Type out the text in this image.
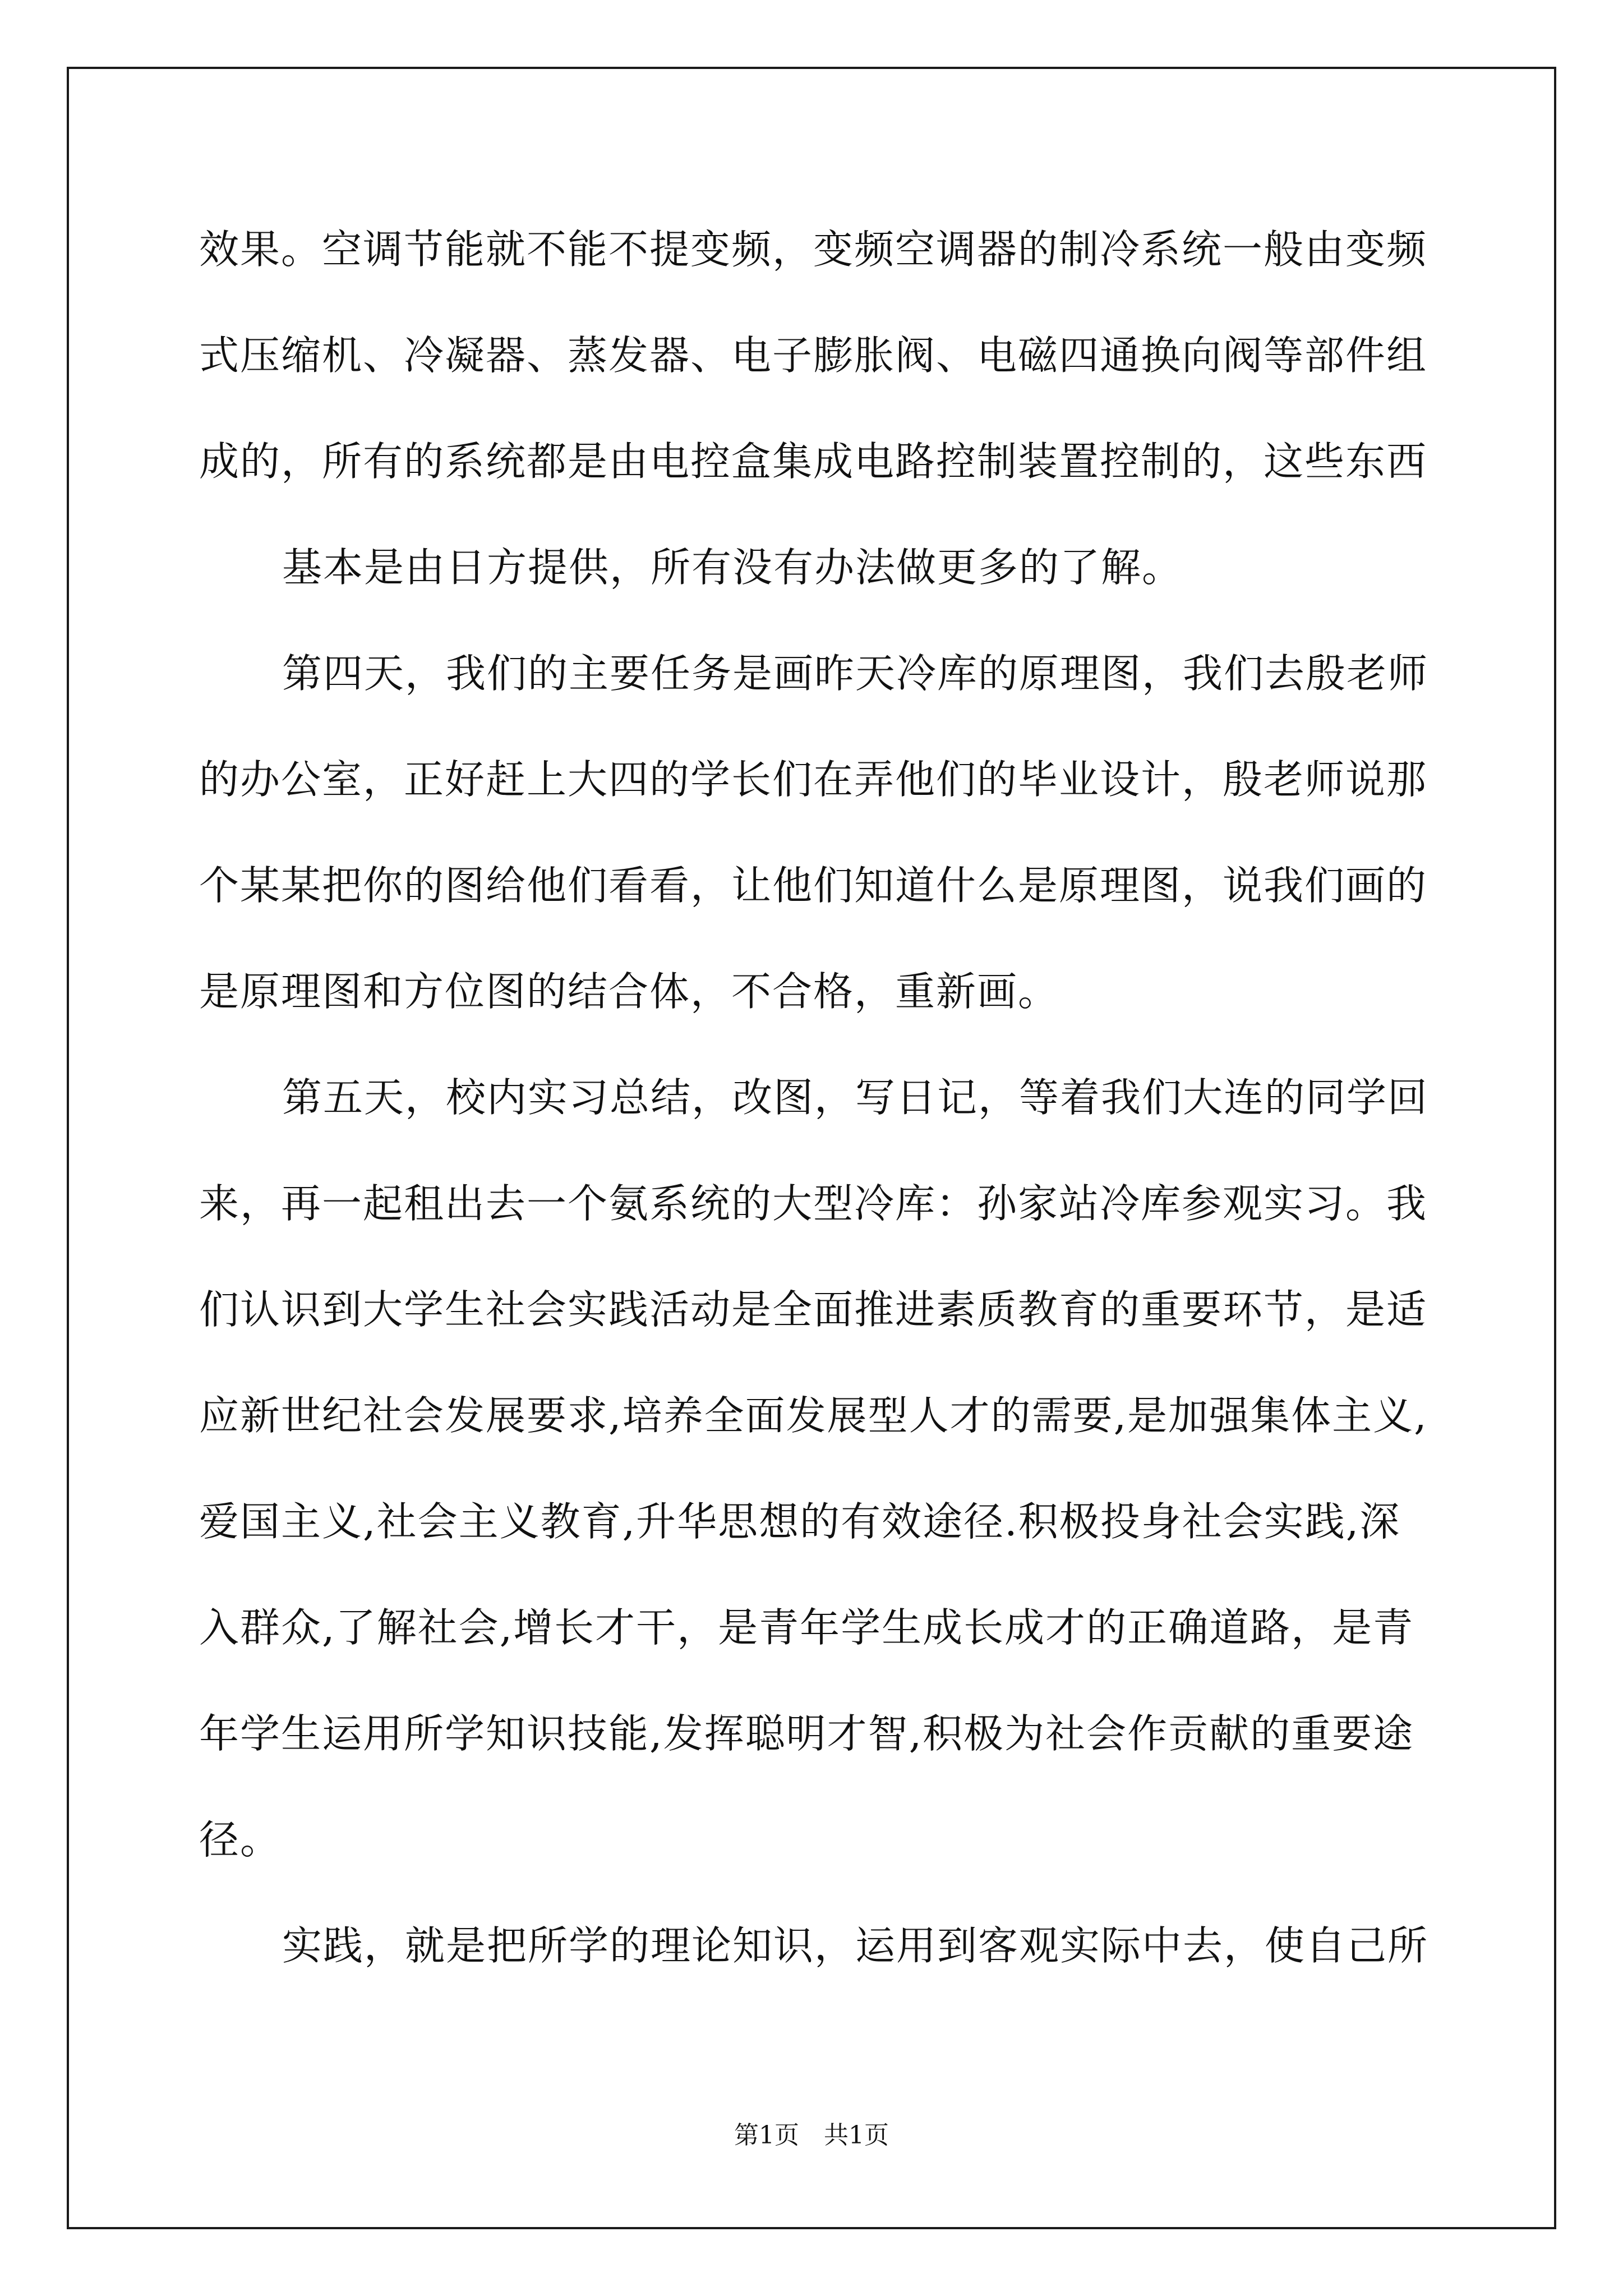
效果。空调节能就不能不提变频，变频空调器的制冷系统一般由变频
式压缩机、冷凝器、蒸发器、电子膨胀阀、电磁四通换向阀等部件组
成的，所有的系统都是由电控盒集成电路控制装置控制的，这些东西
基本是由日方提供，所有没有办法做更多的了解。
第四天，我们的主要任务是画昨天冷库的原理图，我们去殷老师
的办公室，正好赶上大四的学长们在弄他们的毕业设计，殷老师说那
个某某把你的图给他们看看，让他们知道什么是原理图，说我们画的
是原理图和方位图的结合体，不合格，重新画。
第五天，校内实习总结，改图，写日记，等着我们大连的同学回
来，再一起租出去一个氨系统的大型冷库：孙家站冷库参观实习。我
们认识到大学生社会实践活动是全面推进素质教育的重要环节，是适
应新世纪社会发展要求,培养全面发展型人才的需要,是加强集体主义,
爱国主义,社会主义教育,升华思想的有效途径.积极投身社会实践,深
入群众,了解社会,增长才干，是青年学生成长成才的正确道路，是青
年学生运用所学知识技能,发挥聪明才智,积极为社会作贡献的重要途
径。
实践，就是把所学的理论知识，运用到客观实际中去，使自己所
第1页　共1页
